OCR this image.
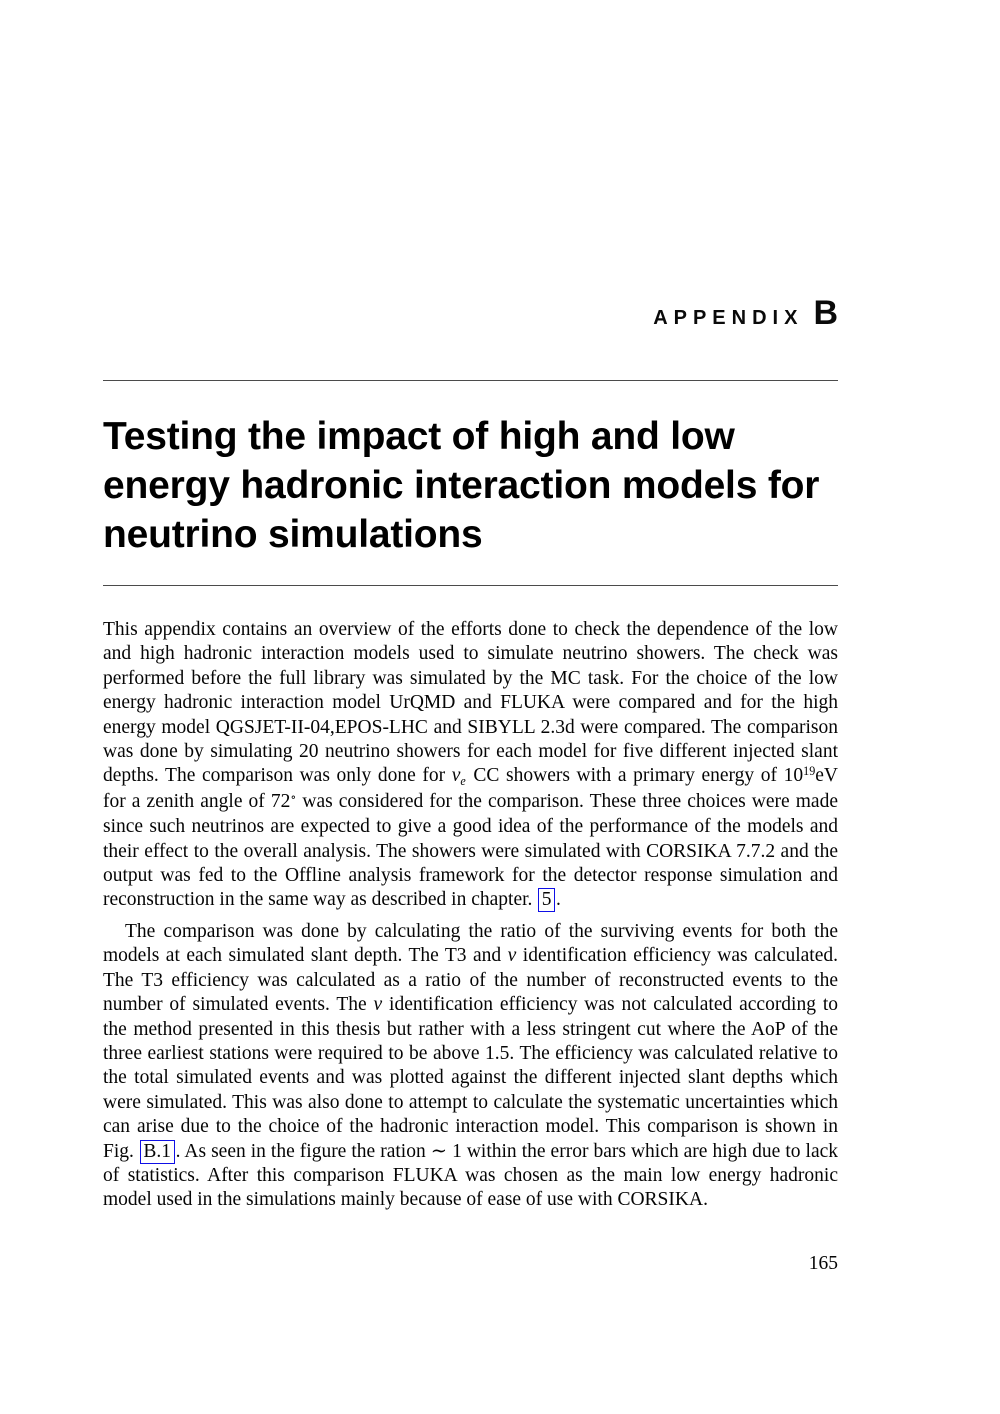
APPENDIX B
Testing the impact of high and low energy hadronic interaction models for neutrino simulations

This appendix contains an overview of the efforts done to check the dependence of the low and high hadronic interaction models used to simulate neutrino showers. The check was performed before the full library was simulated by the MC task. For the choice of the low energy hadronic interaction model UrQMD and FLUKA were compared and for the high energy model QGSJET-II-04,EPOS-LHC and SIBYLL 2.3d were compared. The comparison was done by simulating 20 neutrino showers for each model for five different injected slant depths. The comparison was only done for νe CC showers with a primary energy of $10^{19}eV$ for a zenith angle of 72∘ was considered for the comparison. These three choices were made since such neutrinos are expected to give a good idea of the performance of the models and their effect to the overall analysis. The showers were simulated with CORSIKA 7.7.2 and the output was fed to the Offline analysis framework for the detector response simulation and reconstruction in the same way as described in chapter. 5 .

The comparison was done by calculating the ratio of the surviving events for both the models at each simulated slant depth. The T3 and ν identification efficiency was calculated. The T3 efficiency was calculated as a ratio of the number of reconstructed events to the number of simulated events. The ν identification efficiency was not calculated according to the method presented in this thesis but rather with a less stringent cut where the AoP of the three earliest stations were required to be above 1.5. The efficiency was calculated relative to the total simulated events and was plotted against the different injected slant depths which were simulated. This was also done to attempt to calculate the systematic uncertainties which can arise due to the choice of the hadronic interaction model. This comparison is shown in Fig. B.1 . As seen in the figure the ration ∼ 1 within the error bars which are high due to lack of statistics. After this comparison FLUKA was chosen as the main low energy hadronic model used in the simulations mainly because of ease of use with CORSIKA.

165
